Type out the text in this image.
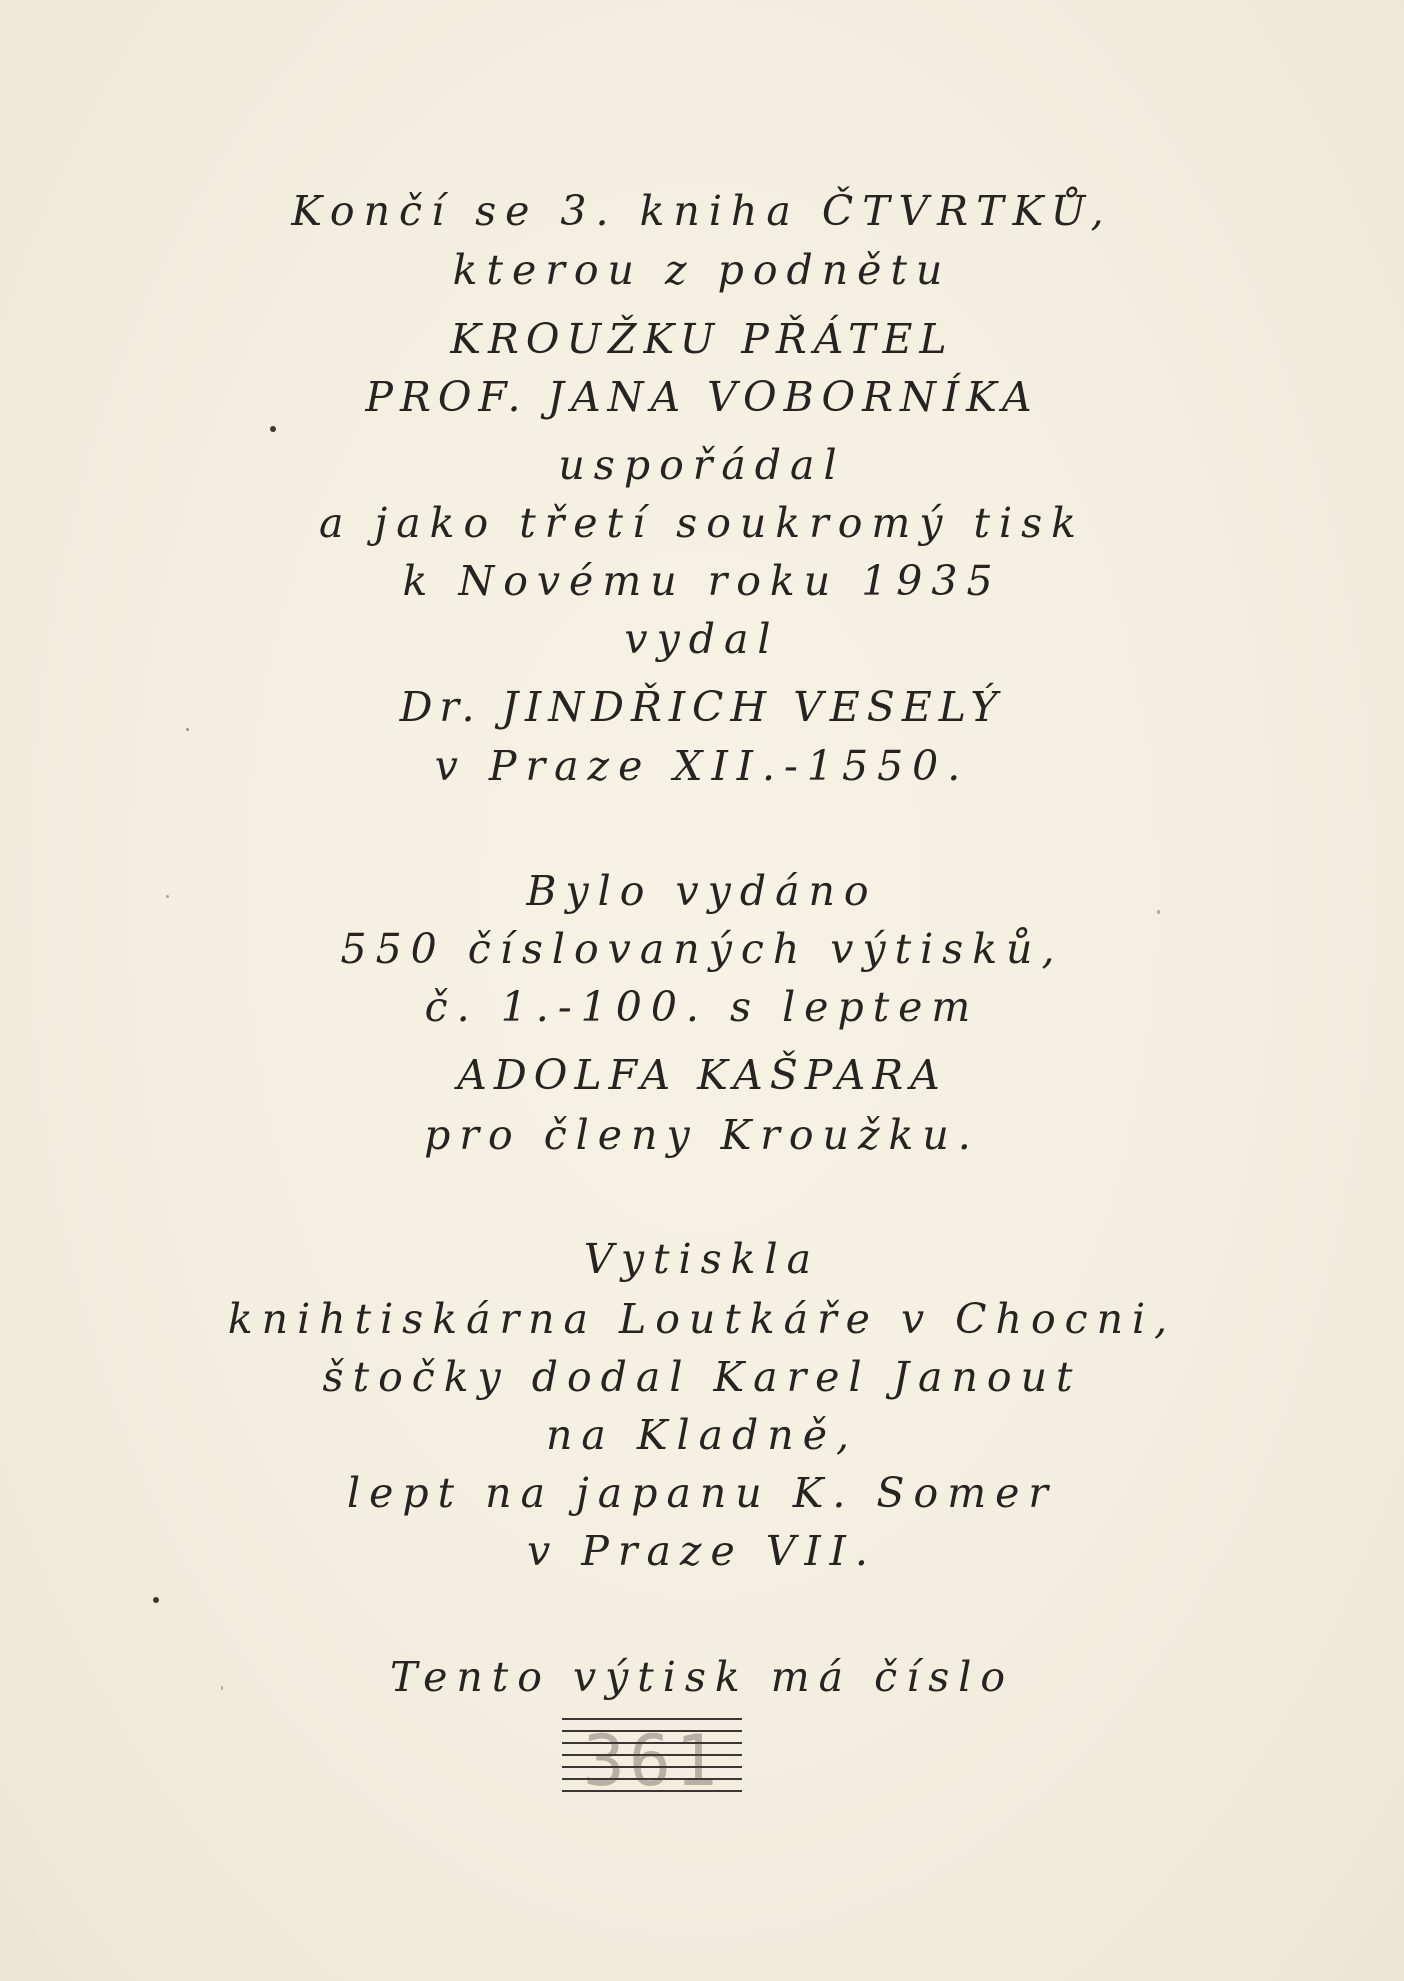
Končí se 3. kniha ČTVRTKŮ,
kterou z podnětu
KROUŽKU PŘÁTEL
PROF. JANA VOBORNÍKA
uspořádal
a jako třetí soukromý tisk
k Novému roku 1935
vydal
Dr. JINDŘICH VESELÝ
v Praze XII.-1550.
Bylo vydáno
550 číslovaných výtisků,
č. 1.-100. s leptem
ADOLFA KAŠPARA
pro členy Kroužku.
Vytiskla
knihtiskárna Loutkáře v Chocni,
štočky dodal Karel Janout
na Kladně,
lept na japanu K. Somer
v Praze VII.
Tento výtisk má číslo
361
